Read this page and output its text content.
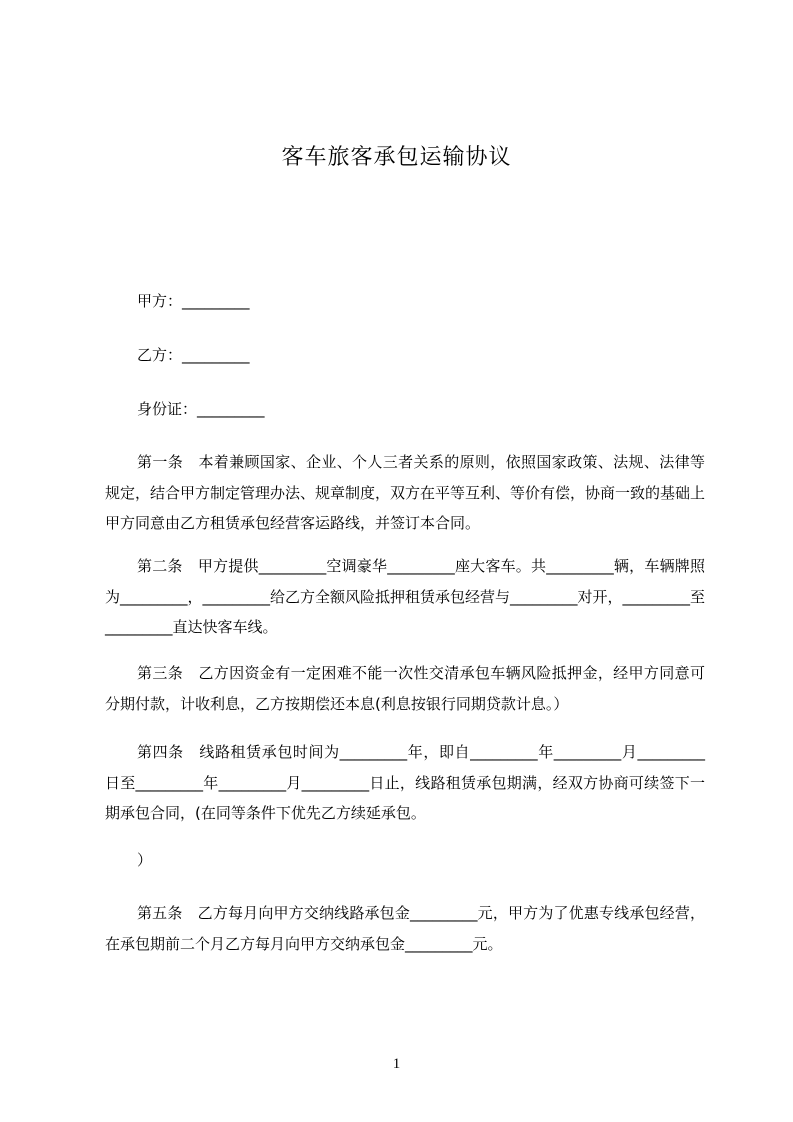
客车旅客承包运输协议
甲方：_________
乙方：_________
身份证：_________
第一条　本着兼顾国家、企业、个人三者关系的原则，依照国家政策、法规、法律等规定，结合甲方制定管理办法、规章制度，双方在平等互利、等价有偿，协商一致的基础上甲方同意由乙方租赁承包经营客运路线，并签订本合同。
第二条　甲方提供_________空调豪华_________座大客车。共_________辆，车辆牌照为_________，_________给乙方全额风险抵押租赁承包经营与_________对开，_________至_________直达快客车线。
第三条　乙方因资金有一定困难不能一次性交清承包车辆风险抵押金，经甲方同意可分期付款，计收利息，乙方按期偿还本息(利息按银行同期贷款计息。）
第四条　线路租赁承包时间为_________年，即自_________年_________月_________日至_________年_________月_________日止，线路租赁承包期满，经双方协商可续签下一期承包合同，(在同等条件下优先乙方续延承包。
）
第五条　乙方每月向甲方交纳线路承包金_________元，甲方为了优惠专线承包经营，在承包期前二个月乙方每月向甲方交纳承包金_________元。
1
